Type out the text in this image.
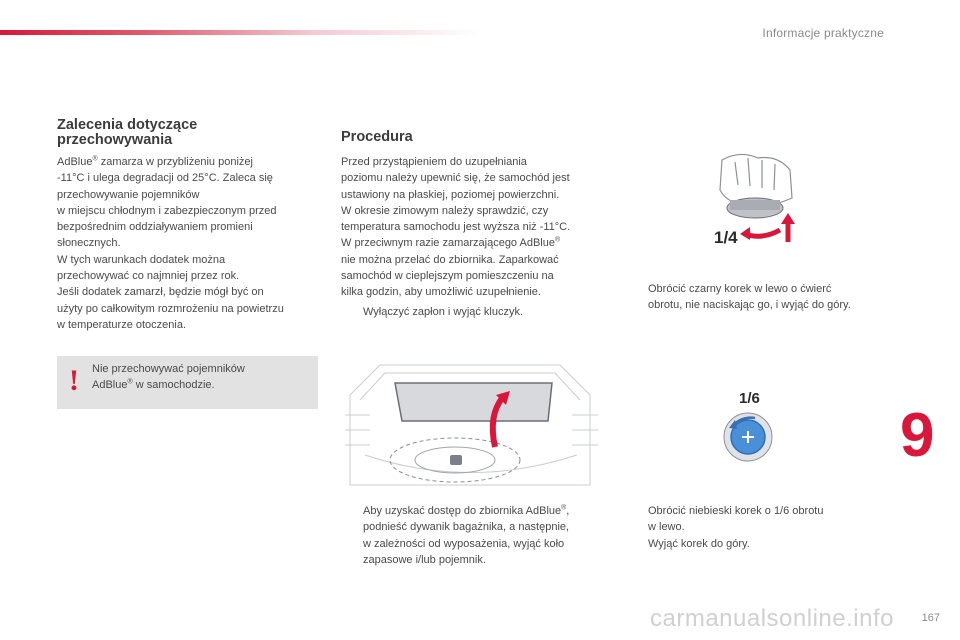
Informacje praktyczne
Zalecenia dotyczące
przechowywania

AdBlue® zamarza w przybliżeniu poniżej
-11°C i ulega degradacji od 25°C. Zaleca się
przechowywanie pojemników
w miejscu chłodnym i zabezpieczonym przed
bezpośrednim oddziaływaniem promieni
słonecznych.
W tych warunkach dodatek można
przechowywać co najmniej przez rok.
Jeśli dodatek zamarzł, będzie mógł być on
użyty po całkowitym rozmrożeniu na powietrzu
w temperaturze otoczenia.

! Nie przechowywać pojemników
AdBlue® w samochodzie.
Procedura

Przed przystąpieniem do uzupełniania
poziomu należy upewnić się, że samochód jest
ustawiony na płaskiej, poziomej powierzchni.
W okresie zimowym należy sprawdzić, czy
temperatura samochodu jest wyższa niż -11°C.
W przeciwnym razie zamarzającego AdBlue®
nie można przelać do zbiornika. Zaparkować
samochód w cieplejszym pomieszczeniu na
kilka godzin, aby umożliwić uzupełnienie.

Wyłączyć zapłon i wyjąć kluczyk.
Aby uzyskać dostęp do zbiornika AdBlue®,
podnieść dywanik bagażnika, a następnie,
w zależności od wyposażenia, wyjąć koło
zapasowe i/lub pojemnik.
1/4
Obrócić czarny korek w lewo o ćwierć
obrotu, nie naciskając go, i wyjąć do góry.
1/6
Obrócić niebieski korek o 1/6 obrotu
w lewo.
Wyjąć korek do góry.
9
carmanualsonline.info	167
